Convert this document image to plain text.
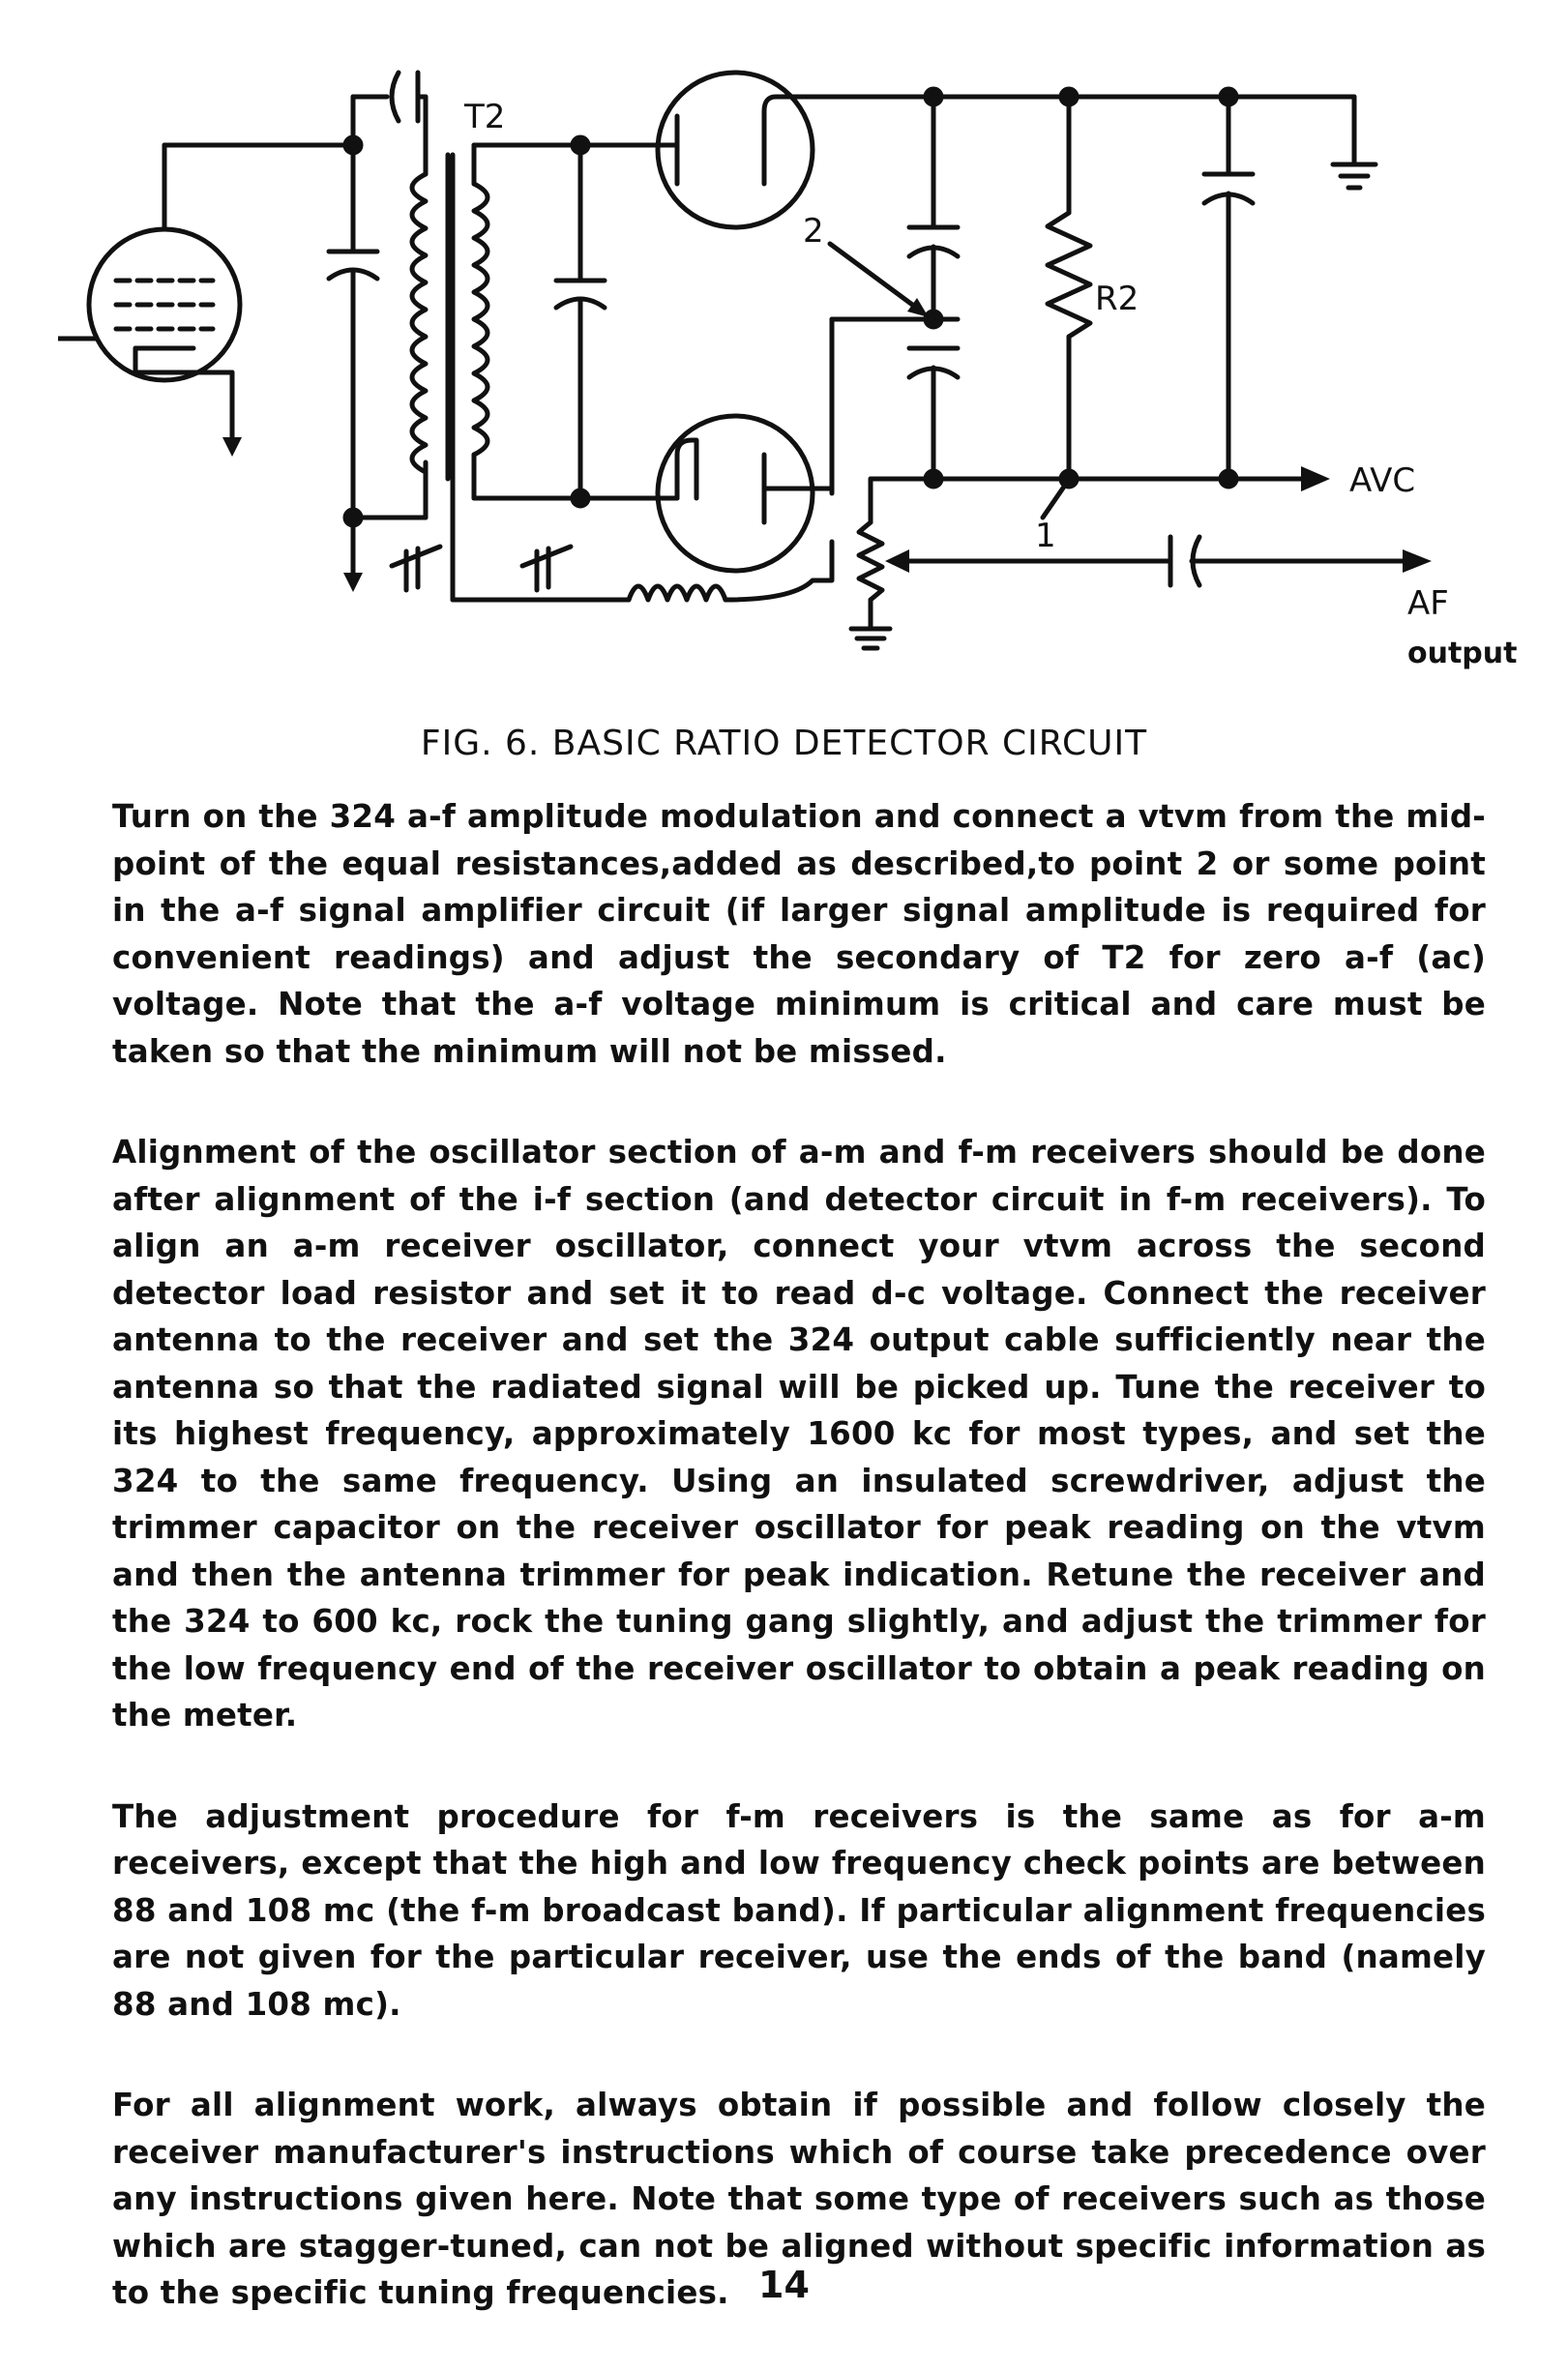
T2
2
R2
AVC
1
AF
output
FIG. 6. BASIC RATIO DETECTOR CIRCUIT

Turn on the 324 a-f amplitude modulation and connect a vtvm from the mid-point of the equal resistances,added as described,to point 2 or some point in the a-f signal amplifier circuit (if larger signal amplitude is required for convenient readings) and adjust the secondary of T2 for zero a-f (ac) voltage. Note that the a-f voltage minimum is critical and care must be taken so that the minimum will not be missed.

Alignment of the oscillator section of a-m and f-m receivers should be done after alignment of the i-f section (and detector circuit in f-m receivers). To align an a-m receiver oscillator, connect your vtvm across the second detector load resistor and set it to read d-c voltage. Connect the receiver antenna to the receiver and set the 324 output cable sufficiently near the antenna so that the radiated signal will be picked up. Tune the receiver to its highest frequency, approximately 1600 kc for most types, and set the 324 to the same frequency. Using an insulated screwdriver, adjust the trimmer capacitor on the receiver oscillator for peak reading on the vtvm and then the antenna trimmer for peak indication. Retune the receiver and the 324 to 600 kc, rock the tuning gang slightly, and adjust the trimmer for the low frequency end of the receiver oscillator to obtain a peak reading on the meter.

The adjustment procedure for f-m receivers is the same as for a-m receivers, except that the high and low frequency check points are between 88 and 108 mc (the f-m broadcast band). If particular alignment frequencies are not given for the particular receiver, use the ends of the band (namely 88 and 108 mc).

For all alignment work, always obtain if possible and follow closely the receiver manufacturer's instructions which of course take precedence over any instructions given here. Note that some type of receivers such as those which are stagger-tuned, can not be aligned without specific information as to the specific tuning frequencies. 14
